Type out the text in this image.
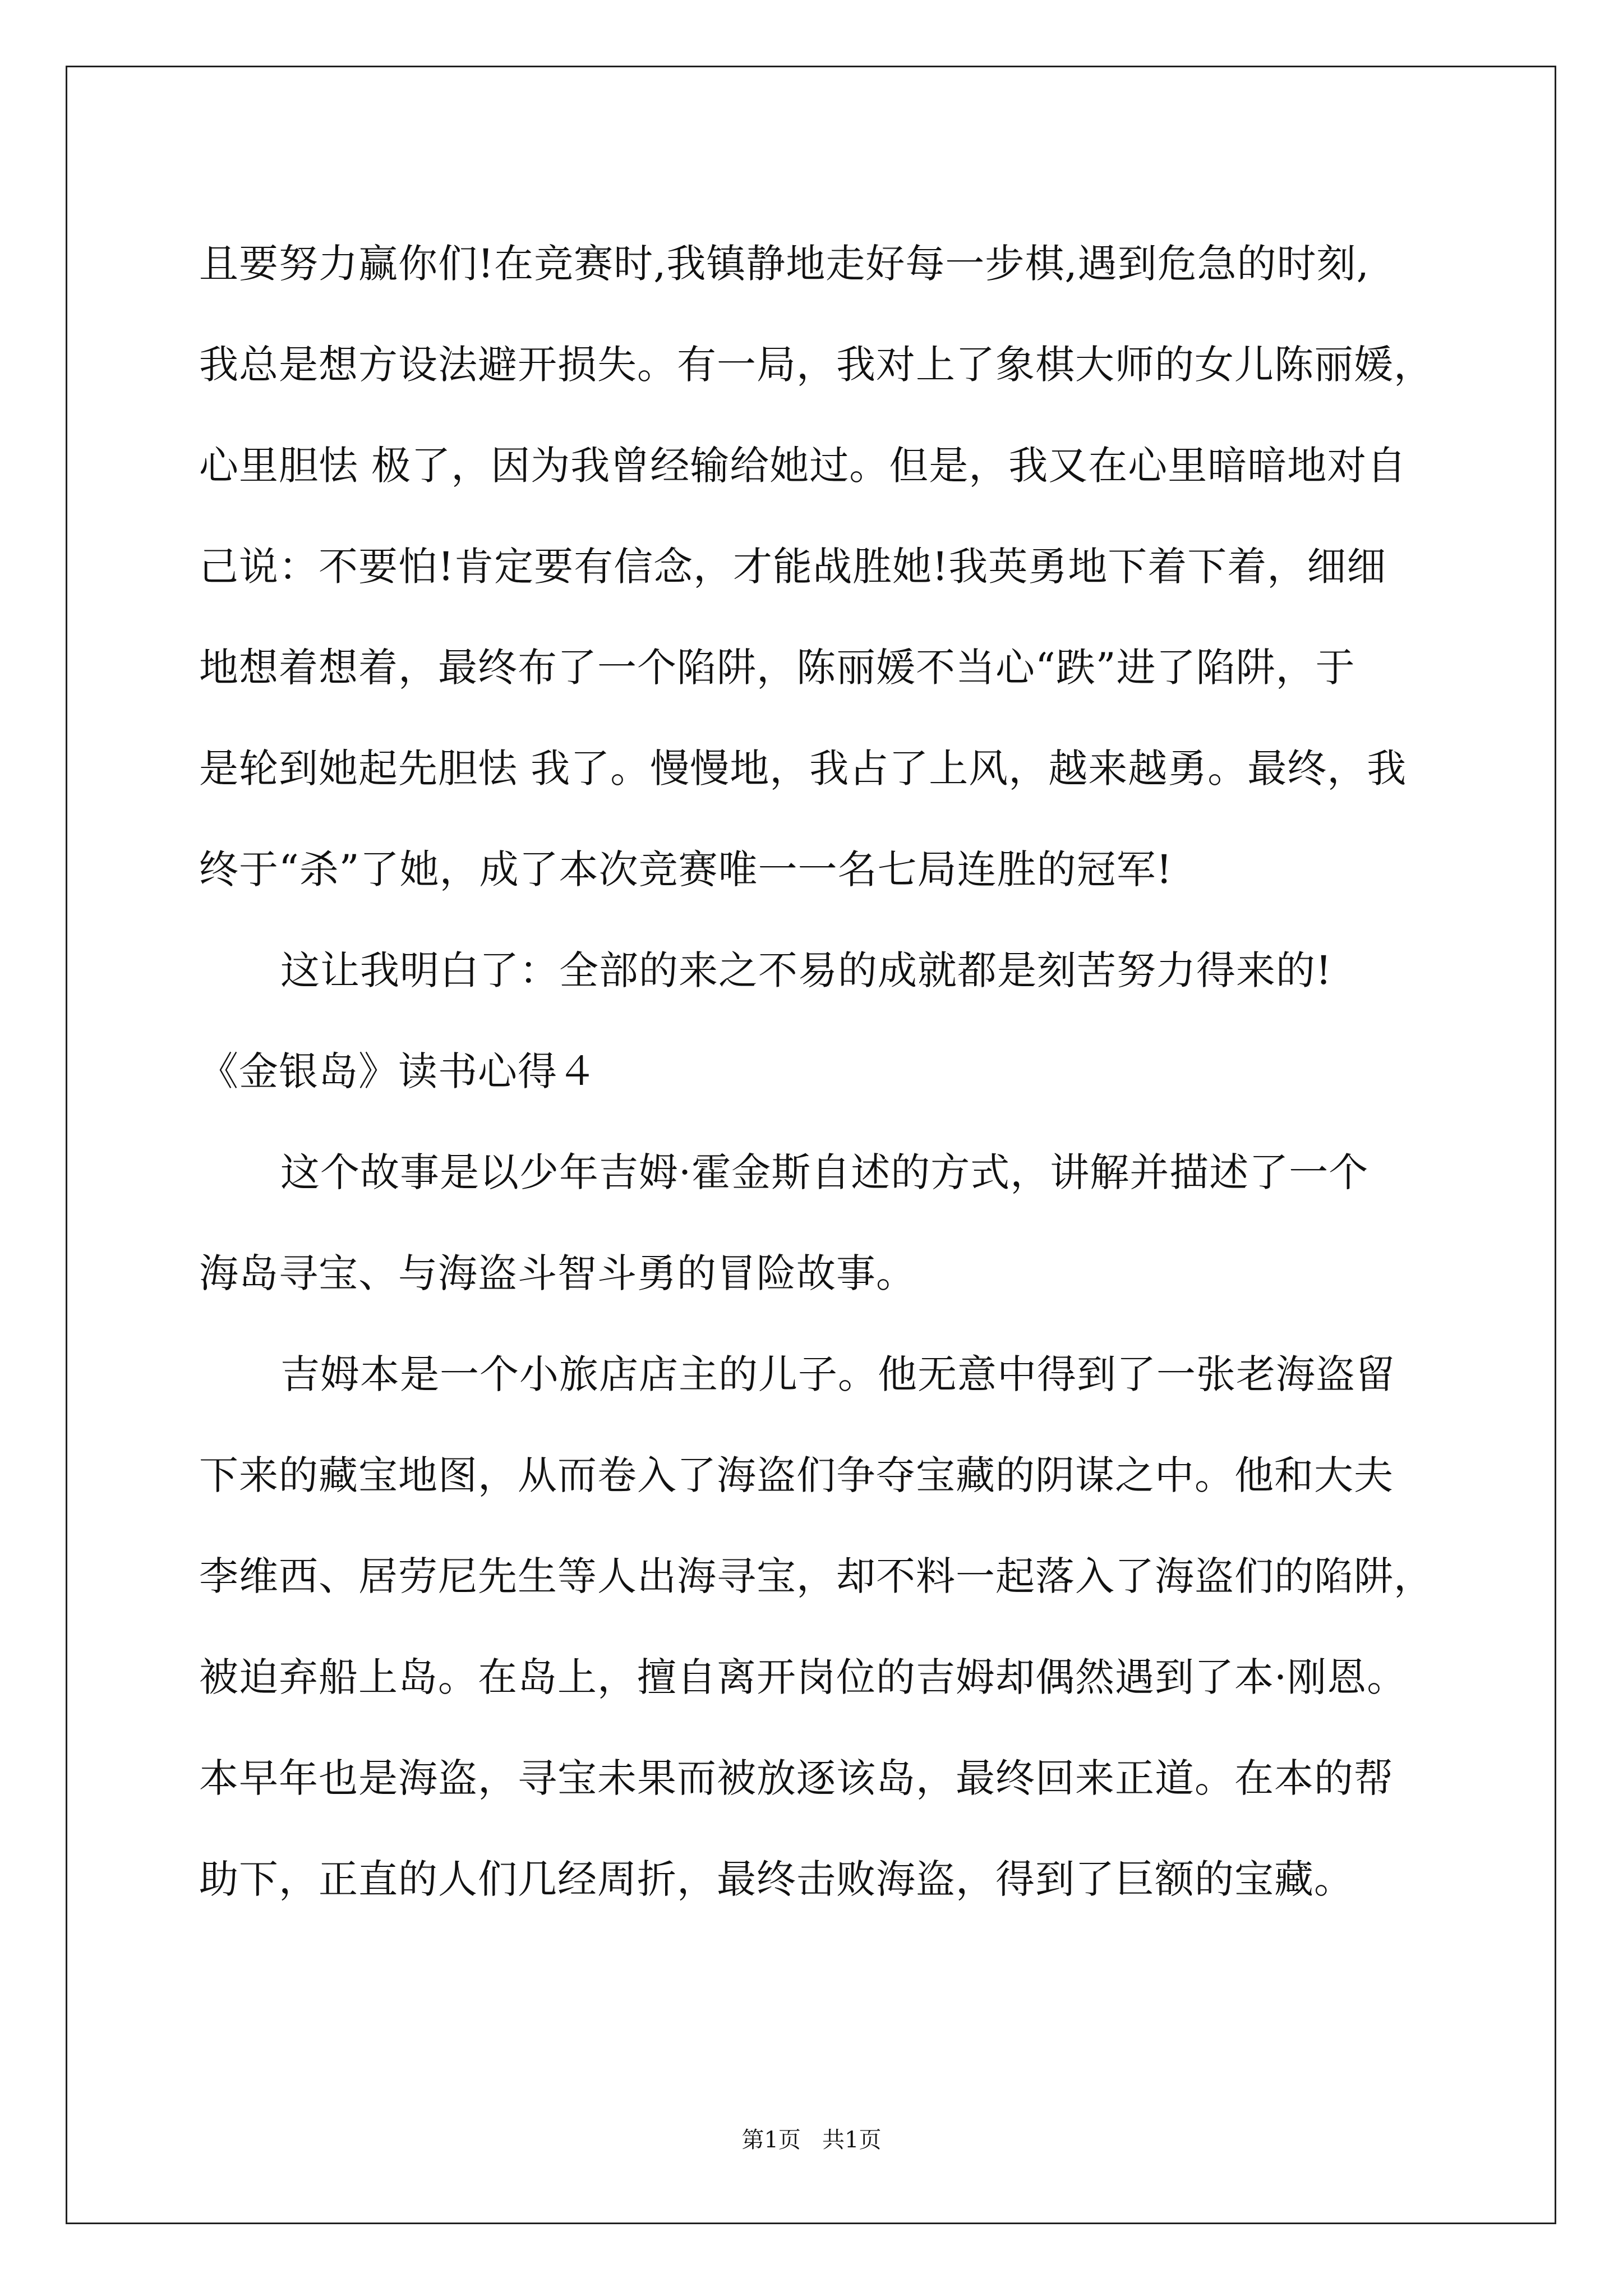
且要努力赢你们!在竞赛时,我镇静地走好每一步棋,遇到危急的时刻,
我总是想方设法避开损失。有一局，我对上了象棋大师的女儿陈丽媛，
心里胆怯 极了，因为我曾经输给她过。但是，我又在心里暗暗地对自
己说：不要怕!肯定要有信念，才能战胜她!我英勇地下着下着，细细
地想着想着，最终布了一个陷阱，陈丽媛不当心“跌”进了陷阱，于
是轮到她起先胆怯 我了。慢慢地，我占了上风，越来越勇。最终，我
终于“杀”了她，成了本次竞赛唯一一名七局连胜的冠军!
这让我明白了：全部的来之不易的成就都是刻苦努力得来的!
《金银岛》读书心得４
这个故事是以少年吉姆·霍金斯自述的方式，讲解并描述了一个
海岛寻宝、与海盗斗智斗勇的冒险故事。
吉姆本是一个小旅店店主的儿子。他无意中得到了一张老海盗留
下来的藏宝地图，从而卷入了海盗们争夺宝藏的阴谋之中。他和大夫
李维西、居劳尼先生等人出海寻宝，却不料一起落入了海盗们的陷阱，
被迫弃船上岛。在岛上，擅自离开岗位的吉姆却偶然遇到了本·刚恩。
本早年也是海盗，寻宝未果而被放逐该岛，最终回来正道。在本的帮
助下，正直的人们几经周折，最终击败海盗，得到了巨额的宝藏。
第1页   共1页
